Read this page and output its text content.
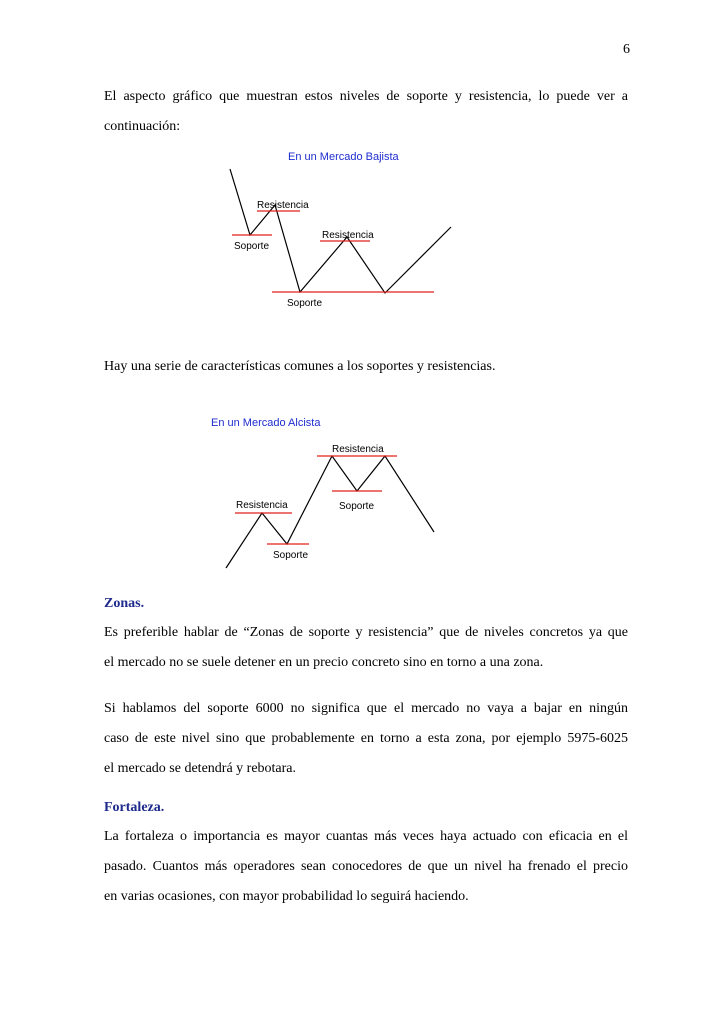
6

El aspecto gráfico que muestran estos niveles de soporte y resistencia, lo puede ver a

continuación:

En un Mercado Bajista
Resistencia
Soporte
Resistencia
Soporte

Hay una serie de características comunes a los soportes y resistencias.

En un Mercado Alcista
Resistencia
Soporte
Resistencia
Soporte

Zonas.

Es preferible hablar de “Zonas de soporte y resistencia” que de niveles concretos ya que

el mercado no se suele detener en un precio concreto sino en torno a una zona.

Si hablamos del soporte 6000 no significa que el mercado no vaya a bajar en ningún

caso de este nivel sino que probablemente en torno a esta zona, por ejemplo 5975-6025

el mercado se detendrá y rebotara.

Fortaleza.

La fortaleza o importancia es mayor cuantas más veces haya actuado con eficacia en el

pasado. Cuantos más operadores sean conocedores de que un nivel ha frenado el precio

en varias ocasiones, con mayor probabilidad lo seguirá haciendo.
